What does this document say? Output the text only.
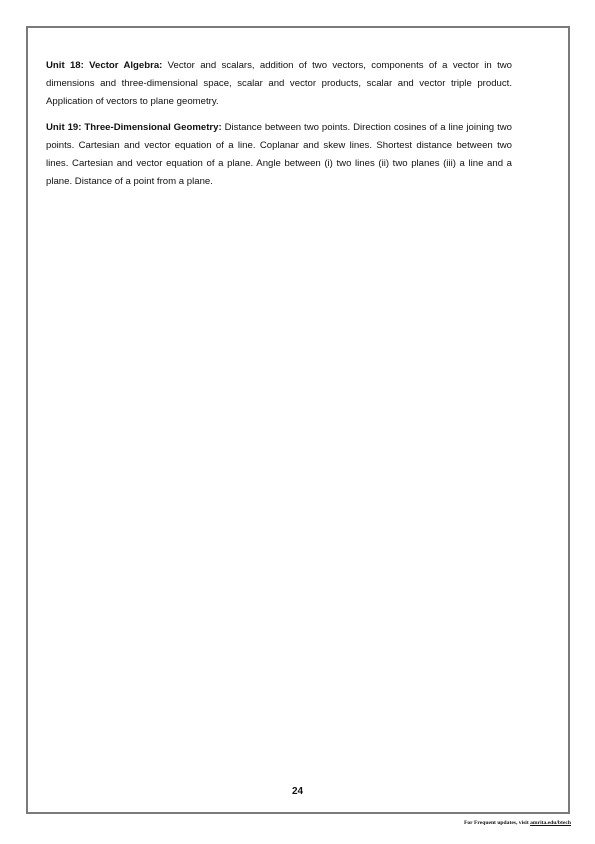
Unit 18: Vector Algebra: Vector and scalars, addition of two vectors, components of a vector in two dimensions and three-dimensional space, scalar and vector products, scalar and vector triple product. Application of vectors to plane geometry.

Unit 19: Three-Dimensional Geometry: Distance between two points. Direction cosines of a line joining two points. Cartesian and vector equation of a line. Coplanar and skew lines. Shortest distance between two lines. Cartesian and vector equation of a plane. Angle between (i) two lines (ii) two planes (iii) a line and a plane. Distance of a point from a plane.

24
For Frequent updates, visit amrita.edu/btech
